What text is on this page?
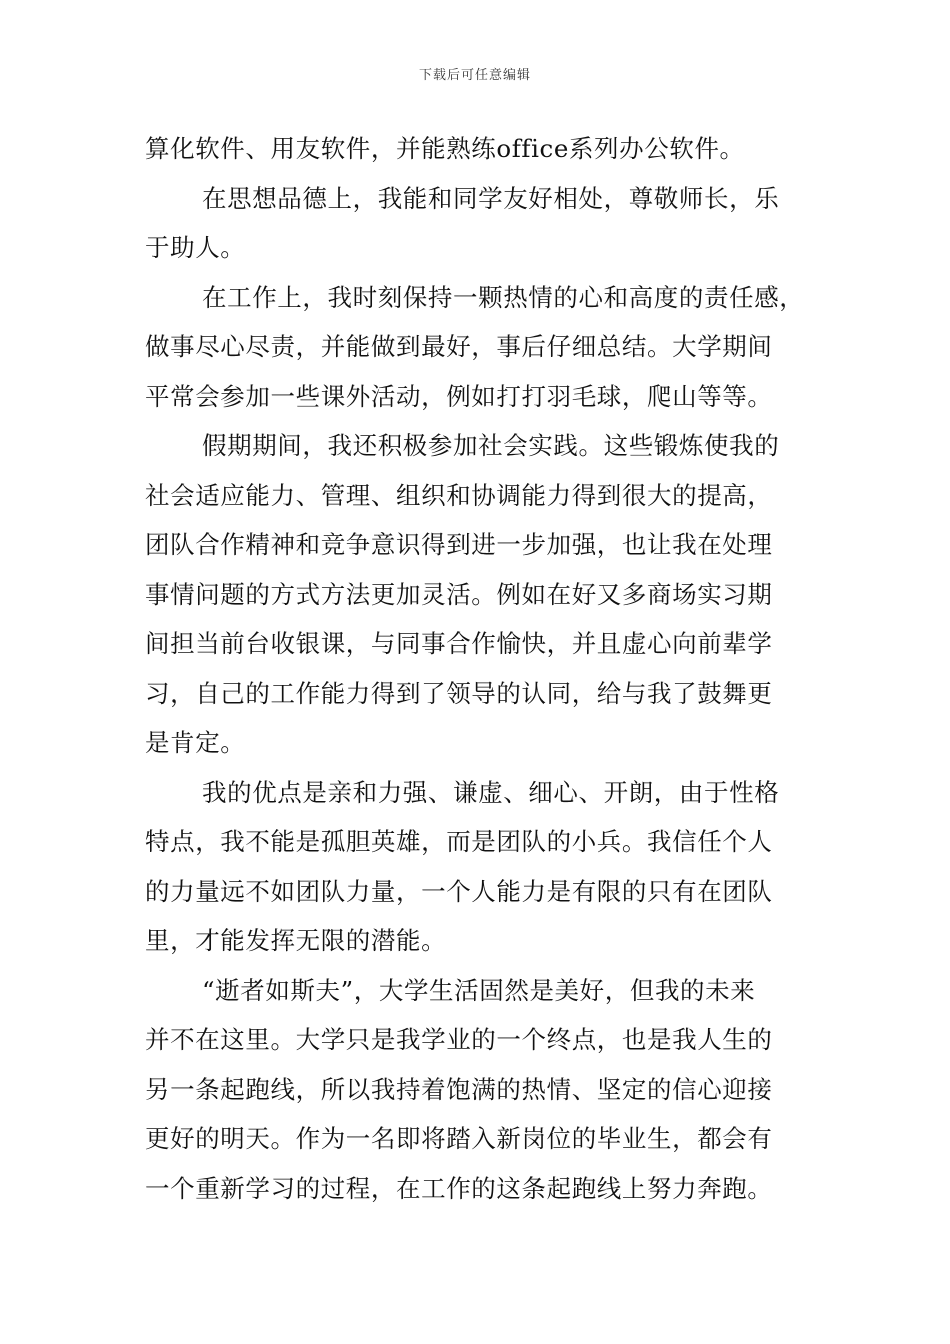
下载后可任意编辑

算化软件、用友软件，并能熟练office系列办公软件。

在思想品德上，我能和同学友好相处，尊敬师长，乐

于助人。

在工作上，我时刻保持一颗热情的心和高度的责任感，

做事尽心尽责，并能做到最好，事后仔细总结。大学期间

平常会参加一些课外活动，例如打打羽毛球，爬山等等。

假期期间，我还积极参加社会实践。这些锻炼使我的

社会适应能力、管理、组织和协调能力得到很大的提高，

团队合作精神和竞争意识得到进一步加强，也让我在处理

事情问题的方式方法更加灵活。例如在好又多商场实习期

间担当前台收银课，与同事合作愉快，并且虚心向前辈学

习，自己的工作能力得到了领导的认同，给与我了鼓舞更

是肯定。

我的优点是亲和力强、谦虚、细心、开朗，由于性格

特点，我不能是孤胆英雄，而是团队的小兵。我信任个人

的力量远不如团队力量，一个人能力是有限的只有在团队

里，才能发挥无限的潜能。

“逝者如斯夫”，大学生活固然是美好，但我的未来

并不在这里。大学只是我学业的一个终点，也是我人生的

另一条起跑线，所以我持着饱满的热情、坚定的信心迎接

更好的明天。作为一名即将踏入新岗位的毕业生，都会有

一个重新学习的过程，在工作的这条起跑线上努力奔跑。
